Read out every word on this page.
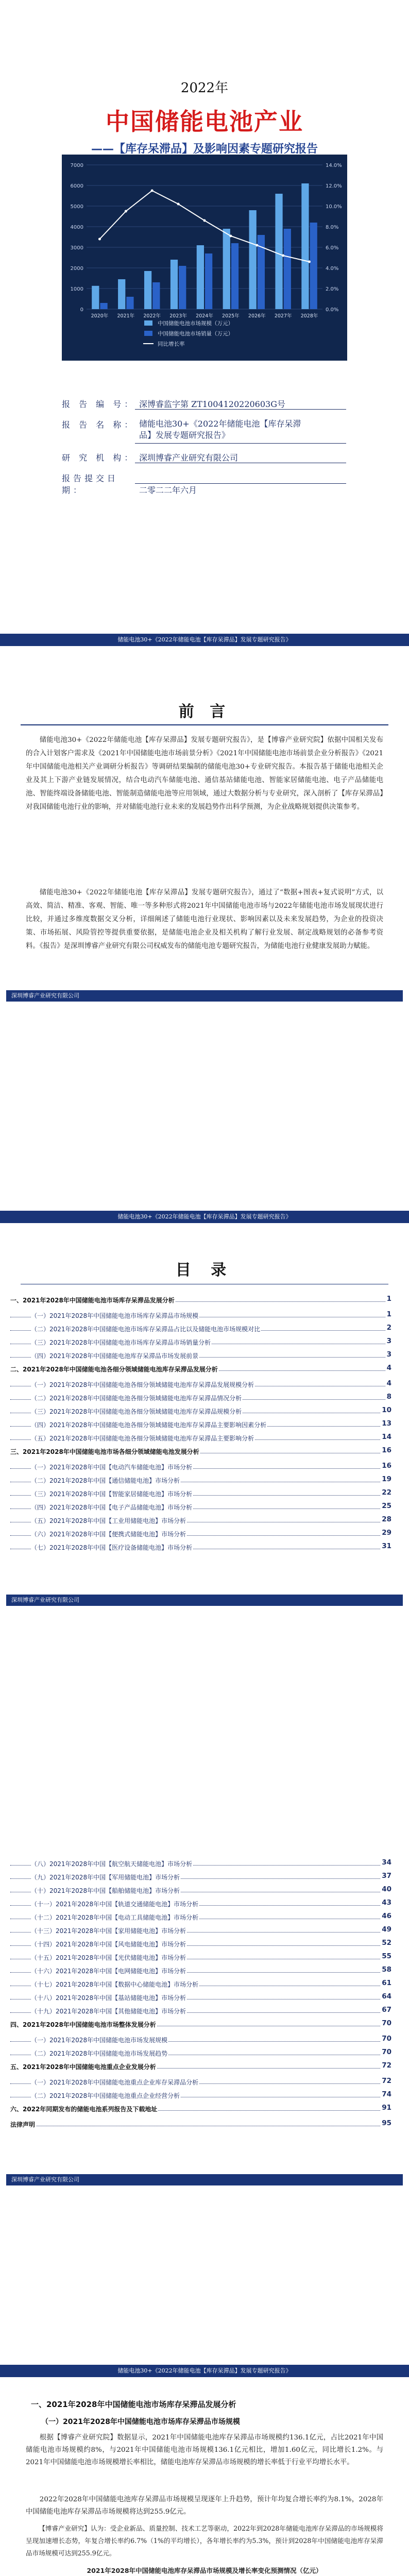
2022年
中国储能电池产业
——【库存呆滞品】及影响因素专题研究报告
7000
6000
5000
4000
3000
2000
1000
0
14.0%
12.0%
10.0%
8.0%
6.0%
4.0%
2.0%
0.0%
2020年 2021年 2022年 2023年 2024年 2025年 2026年 2027年 2028年
中国储能电池市场规模（万元）
中国储能电池市场销量（万元）
同比增长率
报 告 编 号： 深博睿监字第 ZT1004120220603G号
报 告 名 称： 储能电池30+《2022年储能电池【库存呆滞品】发展专题研究报告》
研 究 机 构： 深圳博睿产业研究有限公司
报告提交日期：	二零二二年六月
储能电池30+《2022年储能电池【库存呆滞品】发展专题研究报告》
前 言
储能电池30+《2022年储能电池【库存呆滞品】发展专题研究报告》，是【博睿产业研究院】依据中国相关发布的合入计划客户需求及《2021年中国储能电池市场前景分析》《2021年中国储能电池市场前景企业分析报告》《2021年中国储能电池相关产业调研分析报告》等调研结果编制的储能电池30+专业研究报告。本报告基于储能电池相关企业及其上下游产业链发展情况，结合电动汽车储能电池、通信基站储能电池、智能家居储能电池、电子产品储能电池、智能终端设备储能电池、智能制造储能电池等应用领域，通过大数据分析与专业研究，深入剖析了【库存呆滞品】对我国储能电池行业的影响，并对储能电池行业未来的发展趋势作出科学预测，为企业战略规划提供决策参考。
储能电池30+《2022年储能电池【库存呆滞品】发展专题研究报告》，通过了“数据+图表+复式说明”方式，以高效、简洁、精准、客观、智能、唯一等多种形式将2021年中国储能电池市场与2022年储能电池市场发展现状进行比较，并通过多维度数据交叉分析，详细阐述了储能电池行业现状、影响因素以及未来发展趋势，为企业的投资决策、市场拓展、风险管控等提供重要依据，是储能电池企业及相关机构了解行业发展、制定战略规划的必备参考资料。《报告》是深圳博睿产业研究有限公司权威发布的储能电池专题研究报告，为储能电池行业健康发展助力赋能。
深圳博睿产业研究有限公司
储能电池30+《2022年储能电池【库存呆滞品】发展专题研究报告》
目 录
一、2021年2028年中国储能电池市场库存呆滞品发展分析	1
（一）2021年2028年中国储能电池市场库存呆滞品市场规模	1
（二）2021年2028年中国储能电池市场库存呆滞品占比以及储能电池市场规模对比	2
（三）2021年2028年中国储能电池市场库存呆滞品市场销量分析	3
（四）2021年2028年中国储能电池库存呆滞品市场发展前景	3
二、2021年2028年中国储能电池各细分领域储能电池库存呆滞品发展分析	4
（一）2021年2028年中国储能电池各细分领域储能电池库存呆滞品发展规模分析	4
（二）2021年2028年中国储能电池各细分领域储能电池库存呆滞品情况分析	8
（三）2021年2028年中国储能电池各细分领域储能电池库存呆滞品规模分析	10
（四）2021年2028年中国储能电池各细分领域储能电池库存呆滞品主要影响因素分析	13
（五）2021年2028年中国储能电池各细分领域储能电池库存呆滞品主要影响分析	14
三、2021年2028年中国储能电池市场各细分领域储能电池发展分析	16
（一）2021年2028年中国【电动汽车储能电池】市场分析	16
（二）2021年2028年中国【通信储能电池】市场分析	19
（三）2021年2028年中国【智能家居储能电池】市场分析	22
（四）2021年2028年中国【电子产品储能电池】市场分析	25
（五）2021年2028年中国【工业用储能电池】市场分析	28
（六）2021年2028年中国【便携式储能电池】市场分析	29
（七）2021年2028年中国【医疗设备储能电池】市场分析	31
深圳博睿产业研究有限公司
（八）2021年2028年中国【航空航天储能电池】市场分析	34
（九）2021年2028年中国【军用储能电池】市场分析	37
（十）2021年2028年中国【船舶储能电池】市场分析	40
（十一）2021年2028年中国【轨道交通储能电池】市场分析	43
（十二）2021年2028年中国【电动工具储能电池】市场分析	46
（十三）2021年2028年中国【家用储能电池】市场分析	49
（十四）2021年2028年中国【风电储能电池】市场分析	52
（十五）2021年2028年中国【光伏储能电池】市场分析	55
（十六）2021年2028年中国【电网储能电池】市场分析	58
（十七）2021年2028年中国【数据中心储能电池】市场分析	61
（十八）2021年2028年中国【基站储能电池】市场分析	64
（十九）2021年2028年中国【其他储能电池】市场分析	67
四、2021年2028年中国储能电池市场整体发展分析	70
（一）2021年2028年中国储能电池市场发展规模	70
（二）2021年2028年中国储能电池市场发展趋势	70
五、2021年2028年中国储能电池重点企业发展分析	72
（一）2021年2028年中国储能电池重点企业库存呆滞品分析	72
（二）2021年2028年中国储能电池重点企业经营分析	74
六、2022年同期发布的储能电池系列报告及下载地址	91
法律声明	95
深圳博睿产业研究有限公司
储能电池30+《2022年储能电池【库存呆滞品】发展专题研究报告》
一、2021年2028年中国储能电池市场库存呆滞品发展分析
（一）2021年2028年中国储能电池市场库存呆滞品市场规模
根据【博睿产业研究院】数据显示，2021年中国储能电池库存呆滞品市场规模约136.1亿元，占比2021年中国储能电池市场规模约8%，与2021年中国储能电池市场规模136.1亿元相比，增加1.60亿元，同比增长1.2%。与2021年中国储能电池市场规模增长率相比，储能电池库存呆滞品市场规模的增长率低于行业平均增长水平。
2022年2028年中国储能电池库存呆滞品市场规模呈现逐年上升趋势，预计年均复合增长率约为8.1%，2028年中国储能电池库存呆滞品市场规模将达到255.9亿元。
【博睿产业研究】认为：受企业新品、质量控制、技术工艺等驱动，2022年到2028年储能电池库存呆滞品的市场规模将呈现加速增长态势，年复合增长率约6.7%（1%的平均增长），各年增长率约为5.3%，预计到2028年中国储能电池库存呆滞品市场规模可达到255.9亿元。
2021年2028年中国储能电池库存呆滞品市场规模及增长率变化预测情况（亿元）
